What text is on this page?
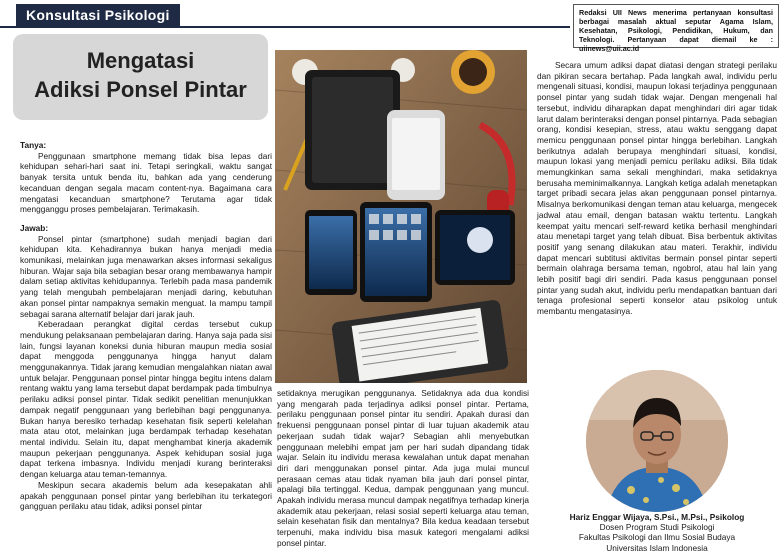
Konsultasi Psikologi	Redaksi UII News menerima pertanyaan konsultasi berbagai masalah aktual seputar Agama Islam, Kesehatan, Psikologi, Pendidikan, Hukum, dan Teknologi. Pertanyaan dapat diemail ke : uiinews@uii.ac.id
Mengatasi
Adiksi Ponsel Pintar

Tanya:

Penggunaan smartphone memang tidak bisa lepas dari kehidupan sehari-hari saat ini. Tetapi seringkali, waktu sangat banyak tersita untuk benda itu, bahkan ada yang cenderung kecanduan dengan segala macam content-nya. Bagaimana cara mengatasi kecanduan smartphone? Terutama agar tidak mengganggu proses pembelajaran. Terimakasih.

Jawab:

Ponsel pintar (smartphone) sudah menjadi bagian dari kehidupan kita. Kehadirannya bukan hanya menjadi media komunikasi, melainkan juga menawarkan akses informasi sekaligus hiburan. Wajar saja bila sebagian besar orang membawanya hampir dalam setiap aktivitas kehidupannya. Terlebih pada masa pandemik yang telah mengubah pembelajaran menjadi daring, kebutuhan akan ponsel pintar nampaknya semakin menguat. Ia mampu tampil sebagai sarana alternatif belajar dari jarak jauh.

Keberadaan perangkat digital cerdas tersebut cukup mendukung pelaksanaan pembelajaran daring. Hanya saja pada sisi lain, fungsi layanan koneksi dunia hiburan maupun media sosial dapat menggoda penggunanya hingga hanyut dalam menggunakannya. Tidak jarang kemudian mengalahkan niatan awal untuk belajar. Penggunaan ponsel pintar hingga begitu intens dalam rentang waktu yang lama tersebut dapat berdampak pada timbulnya perilaku adiksi ponsel pintar. Tidak sedikit penelitian menunjukkan dampak negatif penggunaan yang berlebihan bagi penggunanya. Bukan hanya beresiko terhadap kesehatan fisik seperti kelelahan mata atau otot, melainkan juga berdampak terhadap kesehatan mental individu. Selain itu, dapat menghambat kinerja akademik maupun pekerjaan penggunanya. Aspek kehidupan sosial juga dapat terkena imbasnya. Individu menjadi kurang berinteraksi dengan keluarga atau teman-temannya.

Meskipun secara akademis belum ada kesepakatan ahli apakah penggunaan ponsel pintar yang berlebihan itu terkategori gangguan perilaku atau tidak, adiksi ponsel pintar

setidaknya merugikan penggunanya. Setidaknya ada dua kondisi yang mengarah pada terjadinya adiksi ponsel pintar. Pertama, perilaku penggunaan ponsel pintar itu sendiri. Apakah durasi dan frekuensi penggunaan ponsel pintar di luar tujuan akademik atau pekerjaan sudah tidak wajar? Sebagian ahli menyebutkan penggunaan melebihi empat jam per hari sudah dipandang tidak wajar. Selain itu individu merasa kewalahan untuk dapat menahan diri dari menggunakan ponsel pintar. Ada juga mulai muncul perasaan cemas atau tidak nyaman bila jauh dari ponsel pintar, apalagi bila tertinggal. Kedua, dampak penggunaan yang muncul. Apakah individu merasa muncul dampak negatifnya terhadap kinerja akademik atau pekerjaan, relasi sosial seperti keluarga atau teman, selain kesehatan fisik dan mentalnya? Bila kedua keadaan tersebut terpenuhi, maka individu bisa masuk kategori mengalami adiksi ponsel pintar.

Secara umum adiksi dapat diatasi dengan strategi perilaku dan pikiran secara bertahap. Pada langkah awal, individu perlu mengenali situasi, kondisi, maupun lokasi terjadinya penggunaan ponsel pintar yang sudah tidak wajar. Dengan mengenali hal tersebut, individu diharapkan dapat menghindari diri agar tidak larut dalam berinteraksi dengan ponsel pintarnya. Pada sebagian orang, kondisi kesepian, stress, atau waktu senggang dapat memicu penggunaan ponsel pintar hingga berlebihan. Langkah berikutnya adalah berupaya menghindari situasi, kondisi, maupun lokasi yang menjadi pemicu perilaku adiksi. Bila tidak memungkinkan sama sekali menghindari, maka setidaknya berusaha meminimalkannya. Langkah ketiga adalah menetapkan target pribadi secara jelas akan penggunaan ponsel pintarnya. Misalnya berkomunikasi dengan teman atau keluarga, mengecek jadwal atau email, dengan batasan waktu tertentu. Langkah keempat yaitu mencari self-reward ketika berhasil menghindari atau menetapi target yang telah dibuat. Bisa berbentuk aktivitas positif yang senang dilakukan atau materi. Terakhir, individu dapat mencari subtitusi aktivitas bermain ponsel pintar seperti bermain olahraga bersama teman, ngobrol, atau hal lain yang lebih positif bagi diri sendiri. Pada kasus penggunaan ponsel pintar yang sudah akut, individu perlu mendapatkan bantuan dari tenaga profesional seperti konselor atau psikolog untuk membantu mengatasinya.

Hariz Enggar Wijaya, S.Psi., M.Psi., Psikolog
Dosen Program Studi Psikologi
Fakultas Psikologi dan Ilmu Sosial Budaya
Universitas Islam Indonesia
